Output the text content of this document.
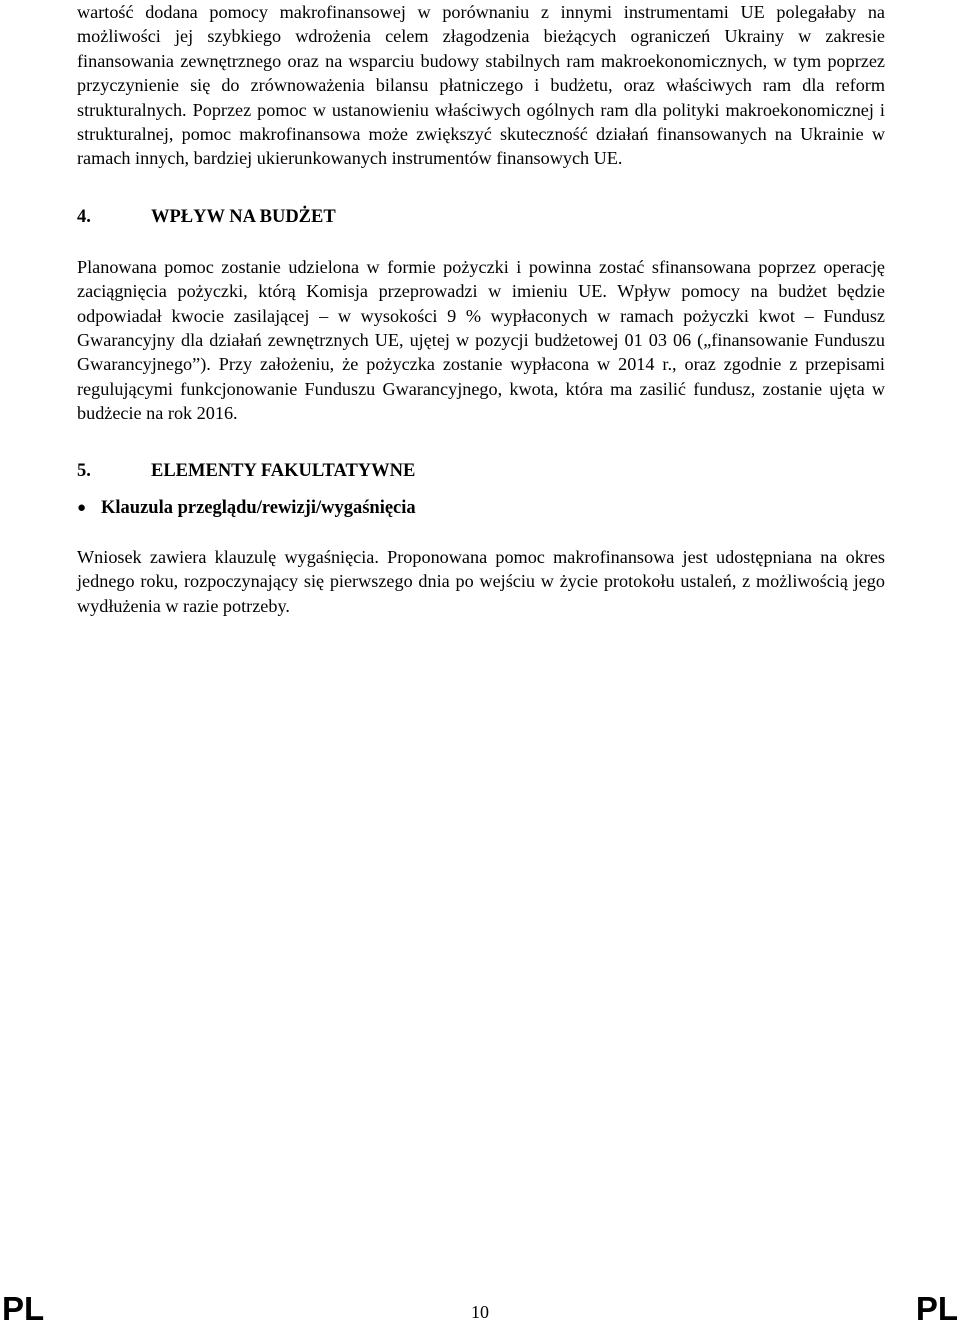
wartość dodana pomocy makrofinansowej w porównaniu z innymi instrumentami UE polegałaby na możliwości jej szybkiego wdrożenia celem złagodzenia bieżących ograniczeń Ukrainy w zakresie finansowania zewnętrznego oraz na wsparciu budowy stabilnych ram makroekonomicznych, w tym poprzez przyczynienie się do zrównoważenia bilansu płatniczego i budżetu, oraz właściwych ram dla reform strukturalnych. Poprzez pomoc w ustanowieniu właściwych ogólnych ram dla polityki makroekonomicznej i strukturalnej, pomoc makrofinansowa może zwiększyć skuteczność działań finansowanych na Ukrainie w ramach innych, bardziej ukierunkowanych instrumentów finansowych UE.

4.	WPŁYW NA BUDŻET

Planowana pomoc zostanie udzielona w formie pożyczki i powinna zostać sfinansowana poprzez operację zaciągnięcia pożyczki, którą Komisja przeprowadzi w imieniu UE. Wpływ pomocy na budżet będzie odpowiadał kwocie zasilającej – w wysokości 9 % wypłaconych w ramach pożyczki kwot – Fundusz Gwarancyjny dla działań zewnętrznych UE, ujętej w pozycji budżetowej 01 03 06 („finansowanie Funduszu Gwarancyjnego”). Przy założeniu, że pożyczka zostanie wypłacona w 2014 r., oraz zgodnie z przepisami regulującymi funkcjonowanie Funduszu Gwarancyjnego, kwota, która ma zasilić fundusz, zostanie ujęta w budżecie na rok 2016.

5.	ELEMENTY FAKULTATYWNE
● Klauzula przeglądu/rewizji/wygaśnięcia

Wniosek zawiera klauzulę wygaśnięcia. Proponowana pomoc makrofinansowa jest udostępniana na okres jednego roku, rozpoczynający się pierwszego dnia po wejściu w życie protokołu ustaleń, z możliwością jego wydłużenia w razie potrzeby.

PL	10	PL
